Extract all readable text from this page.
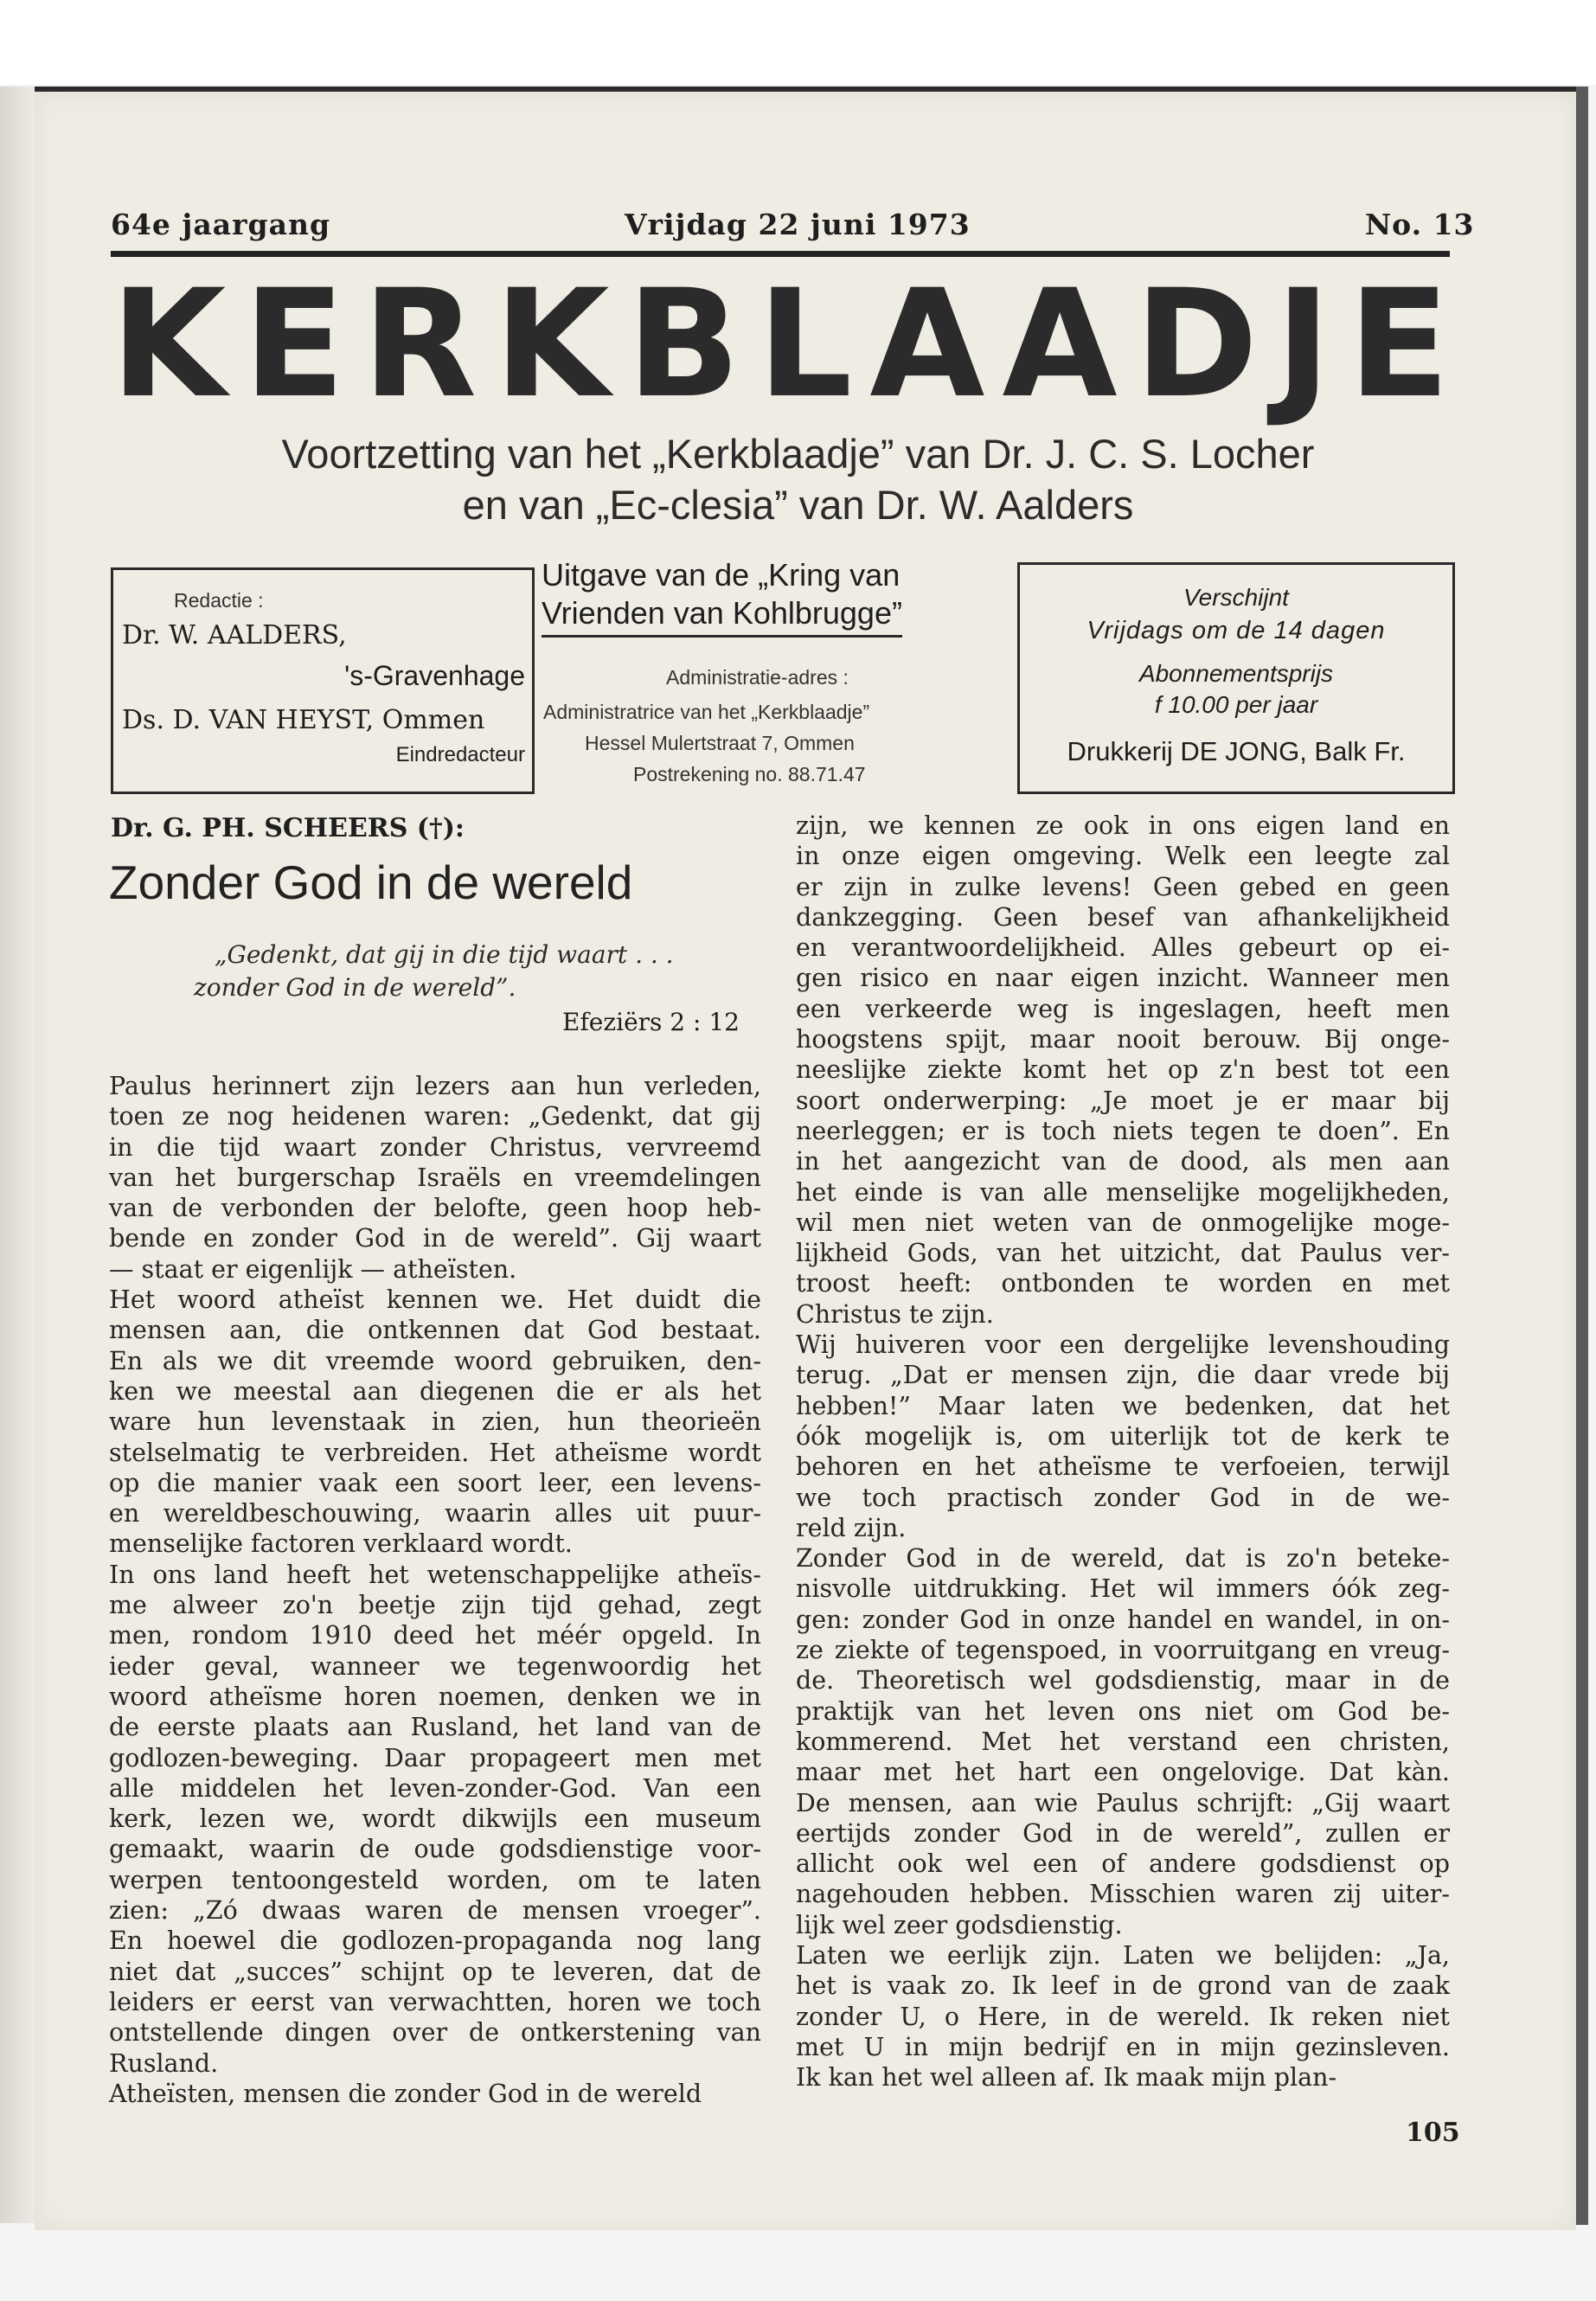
64e jaargang	Vrijdag 22 juni 1973	No. 13
K E R K B L A A D J E
Voortzetting van het „Kerkblaadje” van Dr. J. C. S. Locher
en van „Ec-clesia” van Dr. W. Aalders
Redactie :
Dr. W. AALDERS,
's-Gravenhage
Ds. D. VAN HEYST, Ommen
Eindredacteur
Uitgave van de „Kring van
Vrienden van Kohlbrugge”
Administratie-adres :
Administratrice van het „Kerkblaadje”
Hessel Mulertstraat 7, Ommen
Postrekening no. 88.71.47
Verschijnt
Vrijdags om de 14 dagen
Abonnementsprijs
f 10.00 per jaar
Drukkerij DE JONG, Balk Fr.
Dr. G. PH. SCHEERS (†):
Zonder God in de wereld
„Gedenkt, dat gij in die tijd waart . . .
zonder God in de wereld”.
Efeziërs 2 : 12
Paulus herinnert zijn lezers aan hun verleden,
toen ze nog heidenen waren: „Gedenkt, dat gij
in die tijd waart zonder Christus, vervreemd
van het burgerschap Israëls en vreemdelingen
van de verbonden der belofte, geen hoop heb-
bende en zonder God in de wereld”. Gij waart
— staat er eigenlijk — atheïsten.
Het woord atheïst kennen we. Het duidt die
mensen aan, die ontkennen dat God bestaat.
En als we dit vreemde woord gebruiken, den-
ken we meestal aan diegenen die er als het
ware hun levenstaak in zien, hun theorieën
stelselmatig te verbreiden. Het atheïsme wordt
op die manier vaak een soort leer, een levens-
en wereldbeschouwing, waarin alles uit puur-
menselijke factoren verklaard wordt.
In ons land heeft het wetenschappelijke atheïs-
me alweer zo'n beetje zijn tijd gehad, zegt
men, rondom 1910 deed het méér opgeld. In
ieder geval, wanneer we tegenwoordig het
woord atheïsme horen noemen, denken we in
de eerste plaats aan Rusland, het land van de
godlozen-beweging. Daar propageert men met
alle middelen het leven-zonder-God. Van een
kerk, lezen we, wordt dikwijls een museum
gemaakt, waarin de oude godsdienstige voor-
werpen tentoongesteld worden, om te laten
zien: „Zó dwaas waren de mensen vroeger”.
En hoewel die godlozen-propaganda nog lang
niet dat „succes” schijnt op te leveren, dat de
leiders er eerst van verwachtten, horen we toch
ontstellende dingen over de ontkerstening van
Rusland.
Atheïsten, mensen die zonder God in de wereld
zijn, we kennen ze ook in ons eigen land en
in onze eigen omgeving. Welk een leegte zal
er zijn in zulke levens! Geen gebed en geen
dankzegging. Geen besef van afhankelijkheid
en verantwoordelijkheid. Alles gebeurt op ei-
gen risico en naar eigen inzicht. Wanneer men
een verkeerde weg is ingeslagen, heeft men
hoogstens spijt, maar nooit berouw. Bij onge-
neeslijke ziekte komt het op z'n best tot een
soort onderwerping: „Je moet je er maar bij
neerleggen; er is toch niets tegen te doen”. En
in het aangezicht van de dood, als men aan
het einde is van alle menselijke mogelijkheden,
wil men niet weten van de onmogelijke moge-
lijkheid Gods, van het uitzicht, dat Paulus ver-
troost heeft: ontbonden te worden en met
Christus te zijn.
Wij huiveren voor een dergelijke levenshouding
terug. „Dat er mensen zijn, die daar vrede bij
hebben!” Maar laten we bedenken, dat het
óók mogelijk is, om uiterlijk tot de kerk te
behoren en het atheïsme te verfoeien, terwijl
we toch practisch zonder God in de we-
reld zijn.
Zonder God in de wereld, dat is zo'n beteke-
nisvolle uitdrukking. Het wil immers óók zeg-
gen: zonder God in onze handel en wandel, in on-
ze ziekte of tegenspoed, in voorruitgang en vreug-
de. Theoretisch wel godsdienstig, maar in de
praktijk van het leven ons niet om God be-
kommerend. Met het verstand een christen,
maar met het hart een ongelovige. Dat kàn.
De mensen, aan wie Paulus schrijft: „Gij waart
eertijds zonder God in de wereld”, zullen er
allicht ook wel een of andere godsdienst op
nagehouden hebben. Misschien waren zij uiter-
lijk wel zeer godsdienstig.
Laten we eerlijk zijn. Laten we belijden: „Ja,
het is vaak zo. Ik leef in de grond van de zaak
zonder U, o Here, in de wereld. Ik reken niet
met U in mijn bedrijf en in mijn gezinsleven.
Ik kan het wel alleen af. Ik maak mijn plan-
105
